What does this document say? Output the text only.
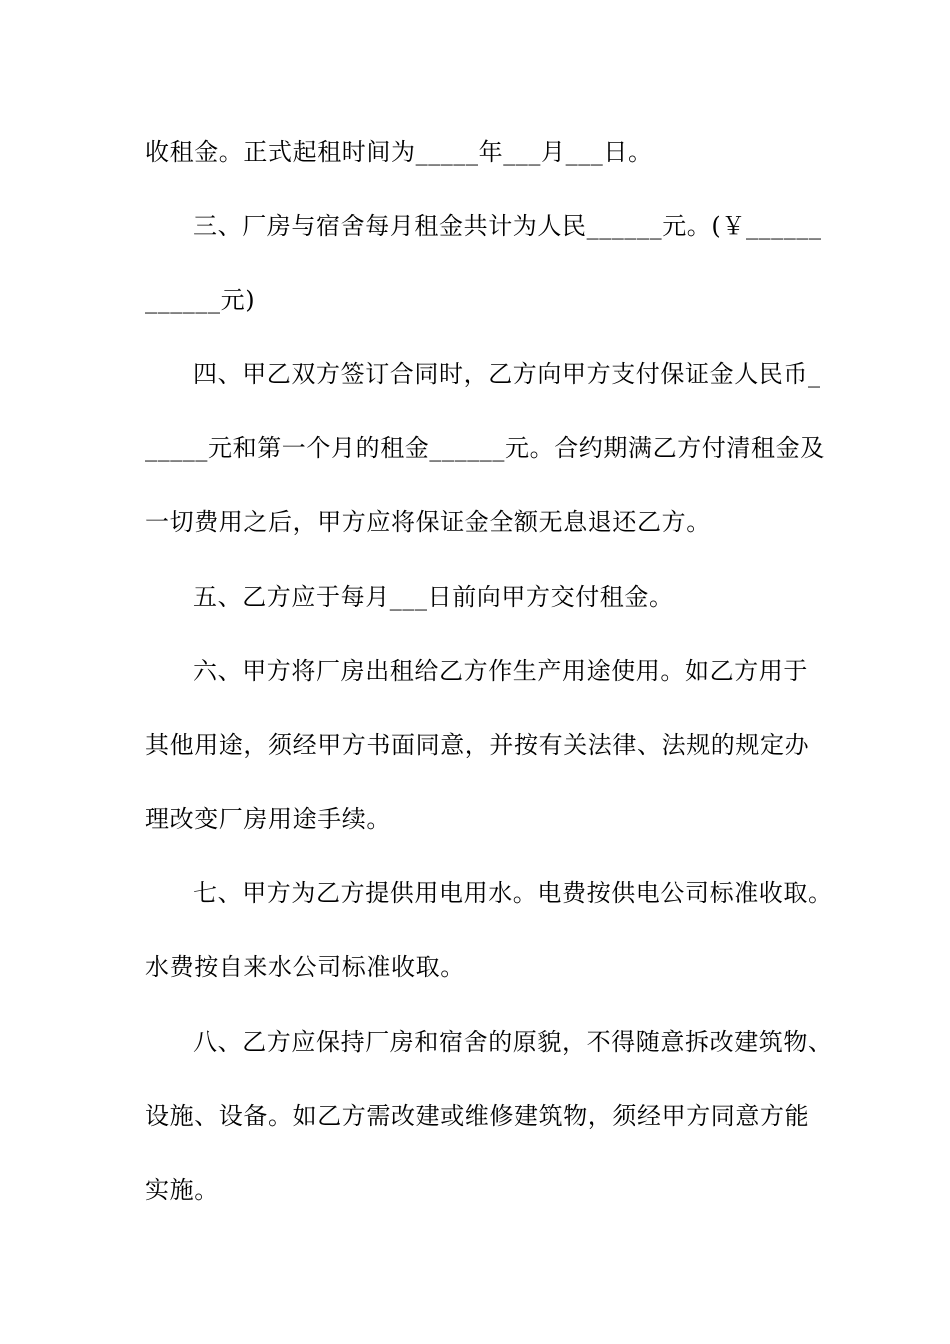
收租金。正式起租时间为_____年___月___日。
三、厂房与宿舍每月租金共计为人民______元。(￥______
______元)
四、甲乙双方签订合同时，乙方向甲方支付保证金人民币_
_____元和第一个月的租金______元。合约期满乙方付清租金及
一切费用之后，甲方应将保证金全额无息退还乙方。
五、乙方应于每月___日前向甲方交付租金。
六、甲方将厂房出租给乙方作生产用途使用。如乙方用于
其他用途，须经甲方书面同意，并按有关法律、法规的规定办
理改变厂房用途手续。
七、甲方为乙方提供用电用水。电费按供电公司标准收取。
水费按自来水公司标准收取。
八、乙方应保持厂房和宿舍的原貌，不得随意拆改建筑物、
设施、设备。如乙方需改建或维修建筑物，须经甲方同意方能
实施。
